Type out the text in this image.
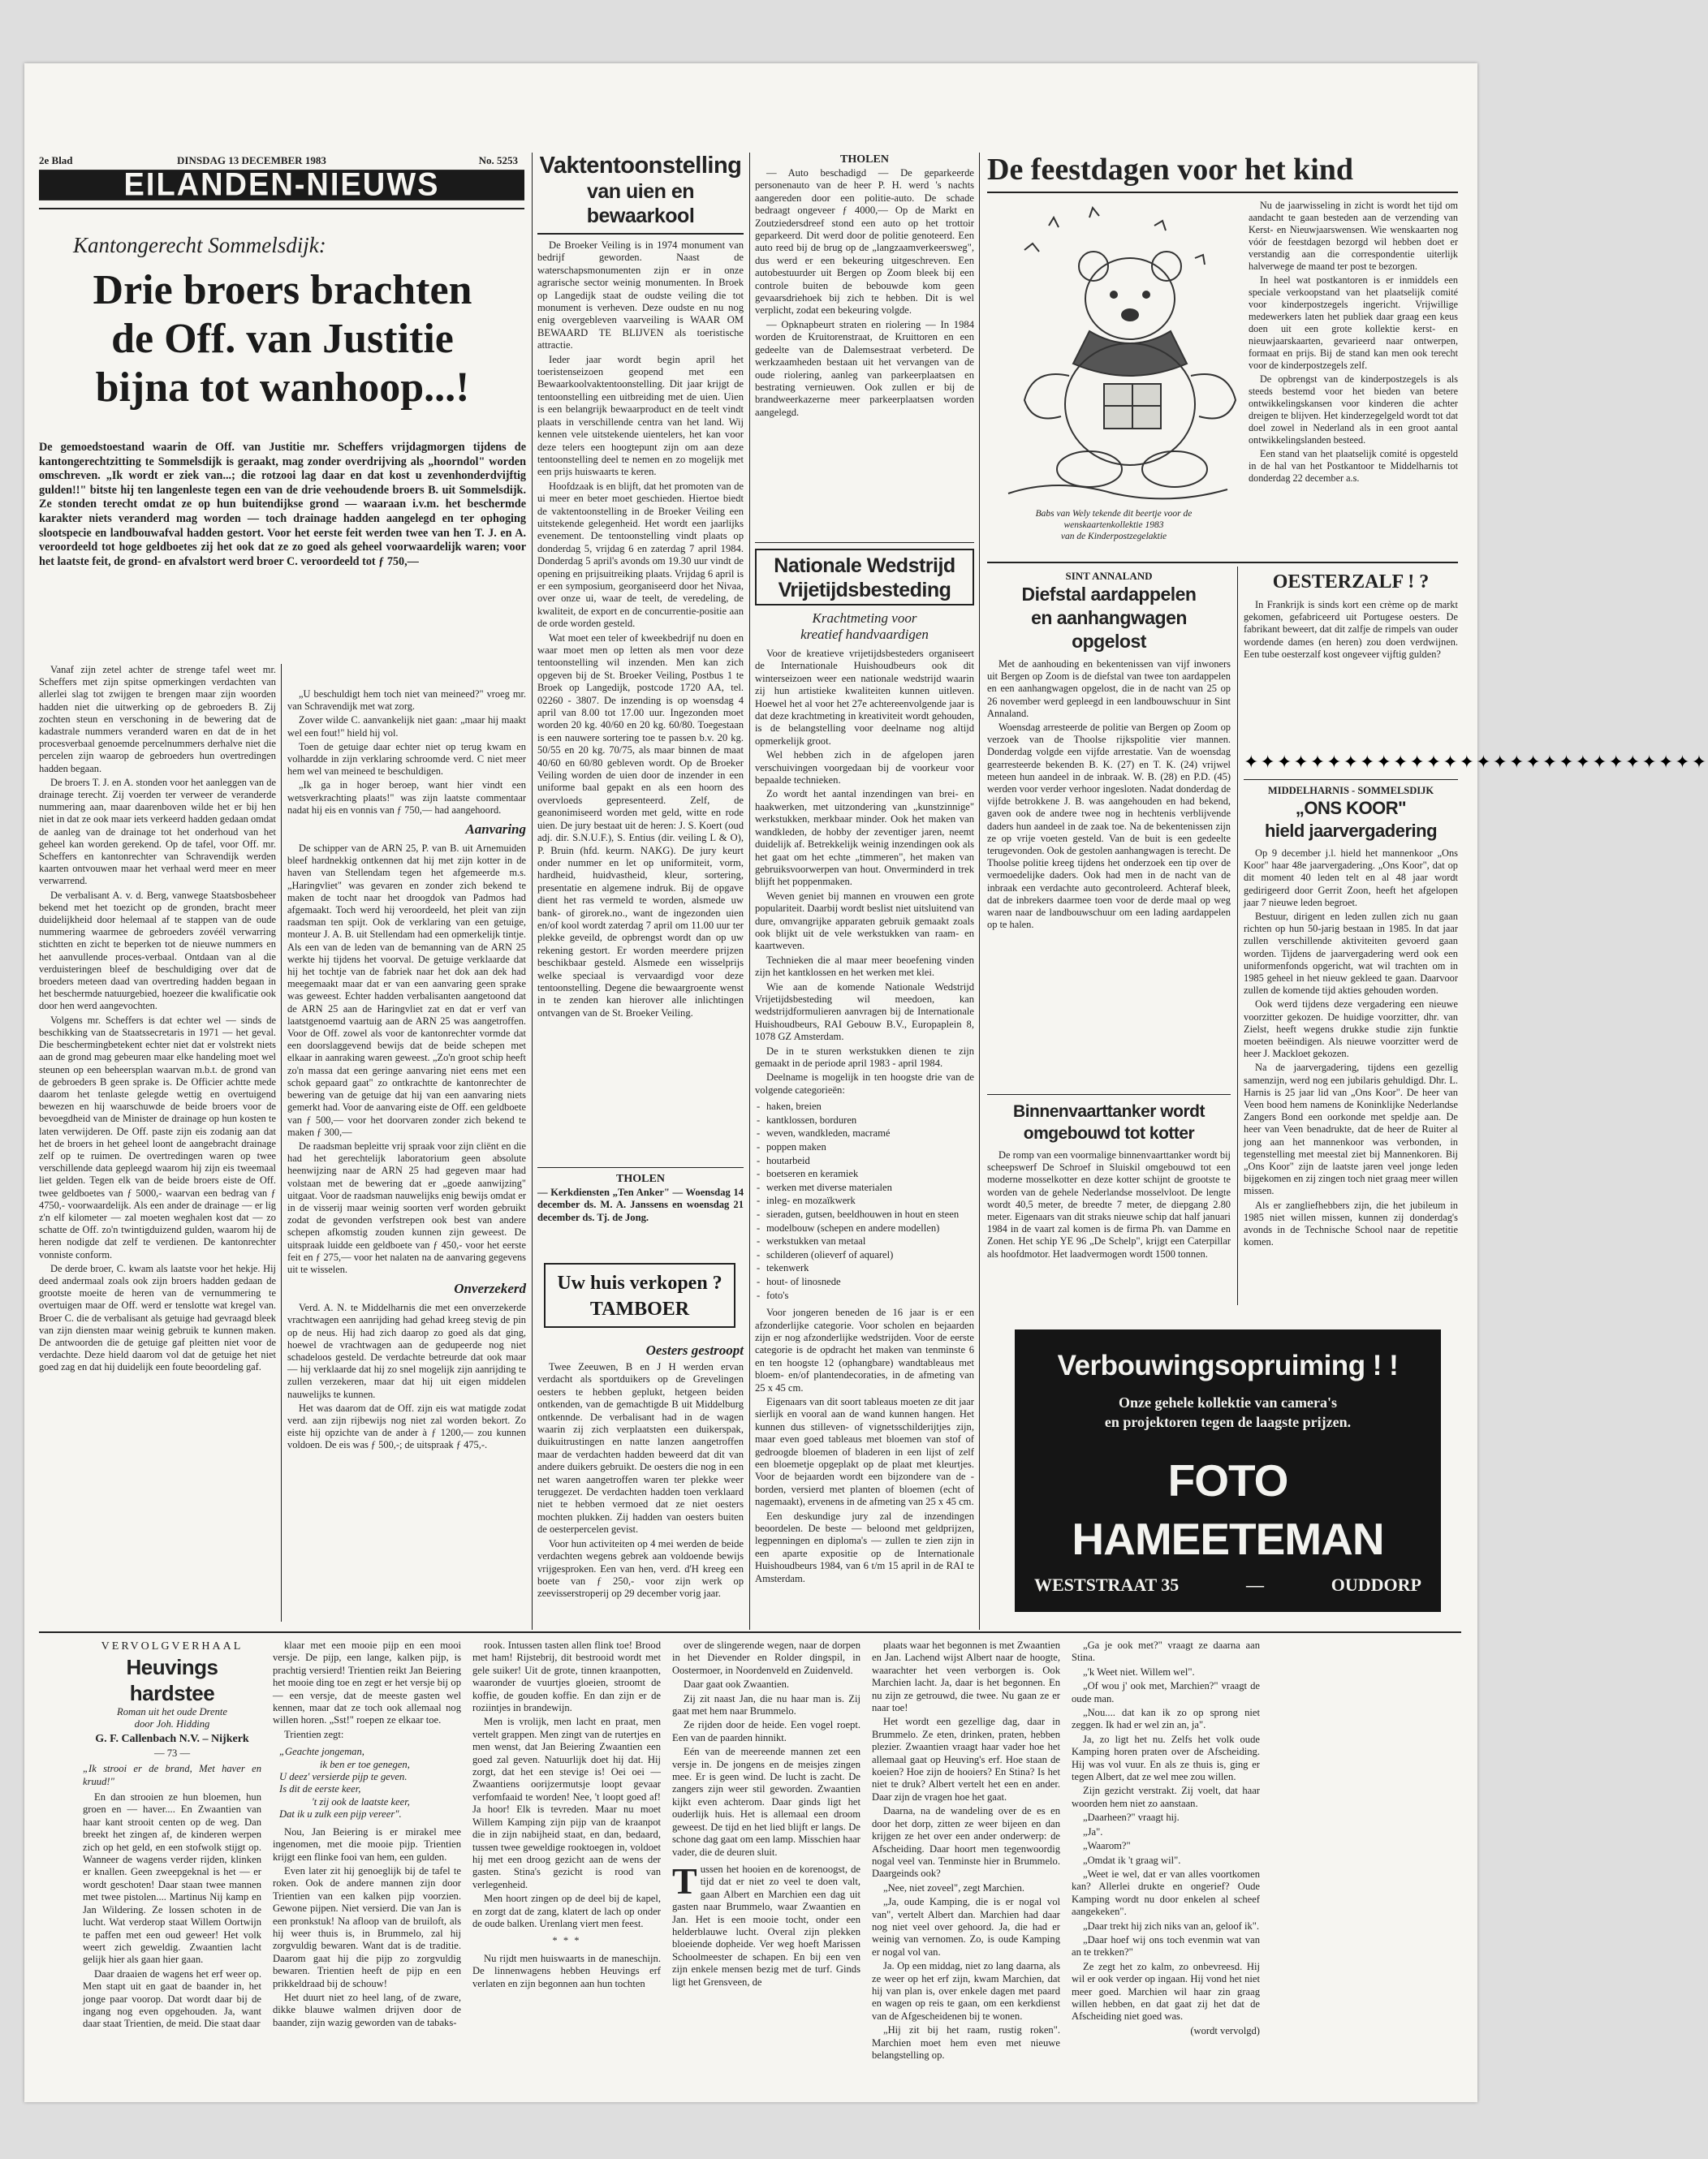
2e Blad	DINSDAG 13 DECEMBER 1983	No. 5253
EILANDEN-NIEUWS
Kantongerecht Sommelsdijk:
Drie broers brachten
de Off. van Justitie
bijna tot wanhoop...!
De gemoedstoestand waarin de Off. van Justitie mr. Scheffers vrijdagmorgen tijdens de kantongerechtzitting te Sommelsdijk is geraakt, mag zonder overdrijving als „hoorndol" worden omschreven. „Ik wordt er ziek van...; die rotzooi lag daar en dat kost u zevenhonderdvijftig gulden!!" bitste hij ten langenleste tegen een van de drie veehoudende broers B. uit Sommelsdijk. Ze stonden terecht omdat ze op hun buitendijkse grond — waaraan i.v.m. het beschermde karakter niets veranderd mag worden — toch drainage hadden aangelegd en ter ophoging slootspecie en landbouwafval hadden gestort. Voor het eerste feit werden twee van hen T. J. en A. veroordeeld tot hoge geldboetes zij het ook dat ze zo goed als geheel voorwaardelijk waren; voor het laatste feit, de grond- en afvalstort werd broer C. veroordeeld tot ƒ 750,—

Vanaf zijn zetel achter de strenge tafel weet mr. Scheffers met zijn spitse opmerkingen verdachten van allerlei slag tot zwijgen te brengen maar zijn woorden hadden niet die uitwerking op de gebroeders B. Zij zochten steun en verschoning in de bewering dat de kadastrale nummers veranderd waren en dat de in het procesverbaal genoemde percelnummers derhalve niet die percelen zijn waarop de gebroeders hun overtredingen hadden begaan.

De broers T. J. en A. stonden voor het aanleggen van de drainage terecht. Zij voerden ter verweer de veranderde nummering aan, maar daarenboven wilde het er bij hen niet in dat ze ook maar iets verkeerd hadden gedaan omdat de aanleg van de drainage tot het onderhoud van het geheel kan worden gerekend. Op de tafel, voor Off. mr. Scheffers en kantonrechter van Schravendijk werden kaarten ontvouwen maar het verhaal werd meer en meer verwarrend.

De verbalisant A. v. d. Berg, vanwege Staatsbosbeheer bekend met het toezicht op de gronden, bracht meer duidelijkheid door helemaal af te stappen van de oude nummering waarmee de gebroeders zovéél verwarring stichtten en zicht te beperken tot de nieuwe nummers en het aanvullende proces-verbaal. Ontdaan van al die verduisteringen bleef de beschuldiging over dat de broeders meteen daad van overtreding hadden begaan in het beschermde natuurgebied, hoezeer die kwalificatie ook door hen werd aangevochten.

Volgens mr. Scheffers is dat echter wel — sinds de beschikking van de Staatssecretaris in 1971 — het geval. Die beschermingbetekent echter niet dat er volstrekt niets aan de grond mag gebeuren maar elke handeling moet wel steunen op een beheersplan waarvan m.b.t. de grond van de gebroeders B geen sprake is. De Officier achtte mede daarom het tenlaste gelegde wettig en overtuigend bewezen en hij waarschuwde de beide broers voor de bevoegdheid van de Minister de drainage op hun kosten te laten verwijderen. De Off. paste zijn eis zodanig aan dat het de broers in het geheel loont de aangebracht drainage zelf op te ruimen. De overtredingen waren op twee verschillende data gepleegd waarom hij zijn eis tweemaal liet gelden. Tegen elk van de beide broers eiste de Off. twee geldboetes van ƒ 5000,- waarvan een bedrag van ƒ 4750,- voorwaardelijk. Als een ander de drainage — er lig z'n elf kilometer — zal moeten weghalen kost dat — zo schatte de Off. zo'n twintigduizend gulden, waarom hij de heren nodigde dat zelf te verdienen. De kantonrechter vonniste conform.

De derde broer, C. kwam als laatste voor het hekje. Hij deed andermaal zoals ook zijn broers hadden gedaan de grootste moeite de heren van de vernummering te overtuigen maar de Off. werd er tenslotte wat kregel van. Broer C. die de verbalisant als getuige had gevraagd bleek van zijn diensten maar weinig gebruik te kunnen maken. De antwoorden die de getuige gaf pleitten niet voor de verdachte. Deze hield daarom vol dat de getuige het niet goed zag en dat hij duidelijk een foute beoordeling gaf.

„U beschuldigt hem toch niet van meineed?" vroeg mr. van Schravendijk met wat zorg.

Zover wilde C. aanvankelijk niet gaan: „maar hij maakt wel een fout!" hield hij vol.

Toen de getuige daar echter niet op terug kwam en volhardde in zijn verklaring schroomde verd. C niet meer hem wel van meineed te beschuldigen.

„Ik ga in hoger beroep, want hier vindt een wetsverkrachting plaats!" was zijn laatste commentaar nadat hij eis en vonnis van ƒ 750,— had aangehoord.

Aanvaring

De schipper van de ARN 25, P. van B. uit Arnemuiden bleef hardnekkig ontkennen dat hij met zijn kotter in de haven van Stellendam tegen het afgemeerde m.s. „Haringvliet" was gevaren en zonder zich bekend te maken de tocht naar het droogdok van Padmos had afgemaakt. Toch werd hij veroordeeld, het pleit van zijn raadsman ten spijt. Ook de verklaring van een getuige, monteur J. A. B. uit Stellendam had een opmerkelijk tintje. Als een van de leden van de bemanning van de ARN 25 werkte hij tijdens het voorval. De getuige verklaarde dat hij het tochtje van de fabriek naar het dok aan dek had meegemaakt maar dat er van een aanvaring geen sprake was geweest. Echter hadden verbalisanten aangetoond dat de ARN 25 aan de Haringvliet zat en dat er verf van laatstgenoemd vaartuig aan de ARN 25 was aangetroffen. Voor de Off. zowel als voor de kantonrechter vormde dat een doorslaggevend bewijs dat de beide schepen met elkaar in aanraking waren geweest. „Zo'n groot schip heeft zo'n massa dat een geringe aanvaring niet eens met een schok gepaard gaat" zo ontkrachtte de kantonrechter de bewering van de getuige dat hij van een aanvaring niets gemerkt had. Voor de aanvaring eiste de Off. een geldboete van ƒ 500,— voor het doorvaren zonder zich bekend te maken ƒ 300,—

De raadsman bepleitte vrij spraak voor zijn cliënt en die had het gerechtelijk laboratorium geen absolute heenwijzing naar de ARN 25 had gegeven maar had volstaan met de bewering dat er „goede aanwijzing" uitgaat. Voor de raadsman nauwelijks enig bewijs omdat er in de visserij maar weinig soorten verf worden gebruikt zodat de gevonden verfstrepen ook best van andere schepen afkomstig zouden kunnen zijn geweest. De uitspraak luidde een geldboete van ƒ 450,- voor het eerste feit en ƒ 275,— voor het nalaten na de aanvaring gegevens uit te wisselen.

Onverzekerd

Verd. A. N. te Middelharnis die met een onverzekerde vrachtwagen een aanrijding had gehad kreeg stevig de pin op de neus. Hij had zich daarop zo goed als dat ging, hoewel de vrachtwagen aan de gedupeerde nog niet schadeloos gesteld. De verdachte betreurde dat ook maar — hij verklaarde dat hij zo snel mogelijk zijn aanrijding te zullen verzekeren, maar dat hij uit eigen middelen nauwelijks te kunnen.

Het was daarom dat de Off. zijn eis wat matigde zodat verd. aan zijn rijbewijs nog niet zal worden bekort. Zo eiste hij opzichte van de ander à ƒ 1200,— zou kunnen voldoen. De eis was ƒ 500,-; de uitspraak ƒ 475,-.

Vaktentoonstelling
van uien en bewaarkool

De Broeker Veiling is in 1974 monument van bedrijf geworden. Naast de waterschapsmonumenten zijn er in onze agrarische sector weinig monumenten. In Broek op Langedijk staat de oudste veiling die tot monument is verheven. Deze oudste en nu nog enig overgebleven vaarveiling is WAAR OM BEWAARD TE BLIJVEN als toeristische attractie.

Ieder jaar wordt begin april het toeristenseizoen geopend met een Bewaarkoolvaktentoonstelling. Dit jaar krijgt de tentoonstelling een uitbreiding met de uien. Uien is een belangrijk bewaarproduct en de teelt vindt plaats in verschillende centra van het land. Wij kennen vele uitstekende uientelers, het kan voor deze telers een hoogtepunt zijn om aan deze tentoonstelling deel te nemen en zo mogelijk met een prijs huiswaarts te keren.

Hoofdzaak is en blijft, dat het promoten van de ui meer en beter moet geschieden. Hiertoe biedt de vaktentoonstelling in de Broeker Veiling een uitstekende gelegenheid. Het wordt een jaarlijks evenement. De tentoonstelling vindt plaats op donderdag 5, vrijdag 6 en zaterdag 7 april 1984. Donderdag 5 april's avonds om 19.30 uur vindt de opening en prijsuitreiking plaats. Vrijdag 6 april is er een symposium, georganiseerd door het Nivaa, over onze ui, waar de teelt, de veredeling, de kwaliteit, de export en de concurrentie-positie aan de orde worden gesteld.

Wat moet een teler of kweekbedrijf nu doen en waar moet men op letten als men voor deze tentoonstelling wil inzenden. Men kan zich opgeven bij de St. Broeker Veiling, Postbus 1 te Broek op Langedijk, postcode 1720 AA, tel. 02260 - 3807. De inzending is op woensdag 4 april van 8.00 tot 17.00 uur. Ingezonden moet worden 20 kg. 40/60 en 20 kg. 60/80. Toegestaan is een nauwere sortering toe te passen b.v. 20 kg. 50/55 en 20 kg. 70/75, als maar binnen de maat 40/60 en 60/80 gebleven wordt. Op de Broeker Veiling worden de uien door de inzender in een uniforme baal gepakt en als een hoorn des overvloeds gepresenteerd. Zelf, de geanonimiseerd worden met geld, witte en rode uien. De jury bestaat uit de heren: J. S. Koert (oud adj. dir. S.N.U.F.), S. Entius (dir. veiling L & O), P. Bruin (hfd. keurm. NAKG). De jury keurt onder nummer en let op uniformiteit, vorm, hardheid, huidvastheid, kleur, sortering, presentatie en algemene indruk. Bij de opgave dient het ras vermeld te worden, alsmede uw bank- of girorek.no., want de ingezonden uien en/of kool wordt zaterdag 7 april om 11.00 uur ter plekke geveild, de opbrengst wordt dan op uw rekening gestort. Er worden meerdere prijzen beschikbaar gesteld. Alsmede een wisselprijs welke speciaal is vervaardigd voor deze tentoonstelling. Degene die bewaargroente wenst in te zenden kan hierover alle inlichtingen ontvangen van de St. Broeker Veiling.

THOLEN
— Kerkdiensten „Ten Anker" — Woensdag 14 december ds. M. A. Janssens en woensdag 21 december ds. Tj. de Jong.
Uw huis verkopen ?
TAMBOER
Oesters gestroopt

Twee Zeeuwen, B en J H werden ervan verdacht als sportduikers op de Grevelingen oesters te hebben geplukt, hetgeen beiden ontkenden, van de gemachtigde B uit Middelburg ontkennde. De verbalisant had in de wagen waarin zij zich verplaatsten een duikerspak, duikuitrustingen en natte lanzen aangetroffen maar de verdachten hadden beweerd dat dit van andere duikers gebruikt. De oesters die nog in een net waren aangetroffen waren ter plekke weer teruggezet. De verdachten hadden toen verklaard niet te hebben vermoed dat ze niet oesters mochten plukken. Zij hadden van oesters buiten de oesterpercelen gevist.

Voor hun activiteiten op 4 mei werden de beide verdachten wegens gebrek aan voldoende bewijs vrijgesproken. Een van hen, verd. d'H kreeg een boete van ƒ 250,- voor zijn werk op zeevisserstroperij op 29 december vorig jaar.

THOLEN

— Auto beschadigd — De geparkeerde personenauto van de heer P. H. werd 's nachts aangereden door een politie-auto. De schade bedraagt ongeveer ƒ 4000,— Op de Markt en Zoutziedersdreef stond een auto op het trottoir geparkeerd. Dit werd door de politie genoteerd. Een auto reed bij de brug op de „langzaamverkeersweg", dus werd er een bekeuring uitgeschreven. Een autobestuurder uit Bergen op Zoom bleek bij een controle buiten de bebouwde kom geen gevaarsdriehoek bij zich te hebben. Dit is wel verplicht, zodat een bekeuring volgde.

— Opknapbeurt straten en riolering — In 1984 worden de Kruitorenstraat, de Kruittoren en een gedeelte van de Dalemsestraat verbeterd. De werkzaamheden bestaan uit het vervangen van de oude riolering, aanleg van parkeerplaatsen en bestrating vernieuwen. Ook zullen er bij de brandweerkazerne meer parkeerplaatsen worden aangelegd.

Nationale Wedstrijd
Vrijetijdsbesteding
Krachtmeting voor
kreatief handvaardigen

Voor de kreatieve vrijetijdsbesteders organiseert de Internationale Huishoudbeurs ook dit winterseizoen weer een nationale wedstrijd waarin zij hun artistieke kwaliteiten kunnen uitleven. Hoewel het al voor het 27e achtereenvolgende jaar is dat deze krachtmeting in kreativiteit wordt gehouden, is de belangstelling voor deelname nog altijd opmerkelijk groot.

Wel hebben zich in de afgelopen jaren verschuivingen voorgedaan bij de voorkeur voor bepaalde technieken.

Zo wordt het aantal inzendingen van brei- en haakwerken, met uitzondering van „kunstzinnige" werkstukken, merkbaar minder. Ook het maken van wandkleden, de hobby der zeventiger jaren, neemt duidelijk af. Betrekkelijk weinig inzendingen ook als het gaat om het echte „timmeren", het maken van gebruiksvoorwerpen van hout. Onverminderd in trek blijft het poppenmaken.

Weven geniet bij mannen en vrouwen een grote populariteit. Daarbij wordt beslist niet uitsluitend van dure, omvangrijke apparaten gebruik gemaakt zoals ook blijkt uit de vele werkstukken van raam- en kaartweven.

Technieken die al maar meer beoefening vinden zijn het kantklossen en het werken met klei.

Wie aan de komende Nationale Wedstrijd Vrijetijdsbesteding wil meedoen, kan wedstrijdformulieren aanvragen bij de Internationale Huishoudbeurs, RAI Gebouw B.V., Europaplein 8, 1078 GZ Amsterdam.

De in te sturen werkstukken dienen te zijn gemaakt in de periode april 1983 - april 1984.

Deelname is mogelijk in ten hoogste drie van de volgende categorieën:

- haken, breien
- kantklossen, borduren
- weven, wandkleden, macramé
- poppen maken
- houtarbeid
- boetseren en keramiek
- werken met diverse materialen
- inleg- en mozaïkwerk
- sieraden, gutsen, beeldhouwen in hout en steen
- modelbouw (schepen en andere modellen)
- werkstukken van metaal
- schilderen (olieverf of aquarel)
- tekenwerk
- hout- of linosnede
- foto's

Voor jongeren beneden de 16 jaar is er een afzonderlijke categorie. Voor scholen en bejaarden zijn er nog afzonderlijke wedstrijden. Voor de eerste categorie is de opdracht het maken van tenminste 6 en ten hoogste 12 (ophangbare) wandtableaus met bloem- en/of plantendecoraties, in de afmeting van 25 x 45 cm.

Eigenaars van dit soort tableaus moeten ze dit jaar sierlijk en vooral aan de wand kunnen hangen. Het kunnen dus stilleven- of vignetsschilderijtjes zijn, maar even goed tableaus met bloemen van stof of gedroogde bloemen of bladeren in een lijst of zelf een bloemetje opgeplakt op de plaat met kleurtjes. Voor de bejaarden wordt een bijzondere van de -borden, versierd met planten of bloemen (echt of nagemaakt), ervenens in de afmeting van 25 x 45 cm.

Een deskundige jury zal de inzendingen beoordelen. De beste — beloond met geldprijzen, legpenningen en diploma's — zullen te zien zijn in een aparte expositie op de Internationale Huishoudbeurs 1984, van 6 t/m 15 april in de RAI te Amsterdam.

De feestdagen voor het kind
Babs van Wely tekende dit beertje voor de
wenskaartenkollektie 1983
van de Kinderpostzegelaktie

Nu de jaarwisseling in zicht is wordt het tijd om aandacht te gaan besteden aan de verzending van Kerst- en Nieuwjaarswensen. Wie wenskaarten nog vóór de feestdagen bezorgd wil hebben doet er verstandig aan die correspondentie uiterlijk halverwege de maand ter post te bezorgen.

In heel wat postkantoren is er inmiddels een speciale verkoopstand van het plaatselijk comité voor kinderpostzegels ingericht. Vrijwillige medewerkers laten het publiek daar graag een keus doen uit een grote kollektie kerst- en nieuwjaarskaarten, gevarieerd naar ontwerpen, formaat en prijs. Bij de stand kan men ook terecht voor de kinderpostzegels zelf.

De opbrengst van de kinderpostzegels is als steeds bestemd voor het bieden van betere ontwikkelingskansen voor kinderen die achter dreigen te blijven. Het kinderzegelgeld wordt tot dat doel zowel in Nederland als in een groot aantal ontwikkelingslanden besteed.

Een stand van het plaatselijk comité is opgesteld in de hal van het Postkantoor te Middelharnis tot donderdag 22 december a.s.

SINT ANNALAND
Diefstal aardappelen
en aanhangwagen
opgelost

Met de aanhouding en bekentenissen van vijf inwoners uit Bergen op Zoom is de diefstal van twee ton aardappelen en een aanhangwagen opgelost, die in de nacht van 25 op 26 november werd gepleegd in een landbouwschuur in Sint Annaland.

Woensdag arresteerde de politie van Bergen op Zoom op verzoek van de Thoolse rijkspolitie vier mannen. Donderdag volgde een vijfde arrestatie. Van de woensdag gearresteerde bekenden B. K. (27) en T. K. (24) vrijwel meteen hun aandeel in de inbraak. W. B. (28) en P.D. (45) werden voor verder verhoor ingesloten. Nadat donderdag de vijfde betrokkene J. B. was aangehouden en had bekend, gaven ook de andere twee nog in hechtenis verblijvende daders hun aandeel in de zaak toe. Na de bekentenissen zijn ze op vrije voeten gesteld. Van de buit is een gedeelte terugevonden. Ook de gestolen aanhangwagen is terecht. De Thoolse politie kreeg tijdens het onderzoek een tip over de vermoedelijke daders. Ook had men in de nacht van de inbraak een verdachte auto gecontroleerd. Achteraf bleek, dat de inbrekers daarmee toen voor de derde maal op weg waren naar de landbouwschuur om een lading aardappelen op te halen.

Binnenvaarttanker wordt
omgebouwd tot kotter

De romp van een voormalige binnenvaarttanker wordt bij scheepswerf De Schroef in Sluiskil omgebouwd tot een moderne mosselkotter en deze kotter schijnt de grootste te worden van de gehele Nederlandse mosselvloot. De lengte wordt 40,5 meter, de breedte 7 meter, de diepgang 2.80 meter. Eigenaars van dit straks nieuwe schip dat half januari 1984 in de vaart zal komen is de firma Ph. van Damme en Zonen. Het schip YE 96 „De Schelp", krijgt een Caterpillar als hoofdmotor. Het laadvermogen wordt 1500 tonnen.

OESTERZALF ! ?

In Frankrijk is sinds kort een crème op de markt gekomen, gefabriceerd uit Portugese oesters. De fabrikant beweert, dat dit zalfje de rimpels van ouder wordende dames (en heren) zou doen verdwijnen. Een tube oesterzalf kost ongeveer vijftig gulden?

✦✦✦✦✦✦✦✦✦✦✦✦✦✦✦✦✦✦✦✦✦✦✦✦✦✦✦✦
MIDDELHARNIS - SOMMELSDIJK
„ONS KOOR"
hield jaarvergadering

Op 9 december j.l. hield het mannenkoor „Ons Koor" haar 48e jaarvergadering. „Ons Koor", dat op dit moment 40 leden telt en al 48 jaar wordt gedirigeerd door Gerrit Zoon, heeft het afgelopen jaar 7 nieuwe leden begroet.

Bestuur, dirigent en leden zullen zich nu gaan richten op hun 50-jarig bestaan in 1985. In dat jaar zullen verschillende aktiviteiten gevoerd gaan worden. Tijdens de jaarvergadering werd ook een uniformenfonds opgericht, wat wil trachten om in 1985 geheel in het nieuw gekleed te gaan. Daarvoor zullen de komende tijd akties gehouden worden.

Ook werd tijdens deze vergadering een nieuwe voorzitter gekozen. De huidige voorzitter, dhr. van Zielst, heeft wegens drukke studie zijn funktie moeten beëindigen. Als nieuwe voorzitter werd de heer J. Mackloet gekozen.

Na de jaarvergadering, tijdens een gezellig samenzijn, werd nog een jubilaris gehuldigd. Dhr. L. Harnis is 25 jaar lid van „Ons Koor". De heer van Veen bood hem namens de Koninklijke Nederlandse Zangers Bond een oorkonde met speldje aan. De heer van Veen benadrukte, dat de heer de Ruiter al jong aan het mannenkoor was verbonden, in tegenstelling met meestal ziet bij Mannenkoren. Bij „Ons Koor" zijn de laatste jaren veel jonge leden bijgekomen en zij zingen toch niet graag meer willen missen.

Als er zangliefhebbers zijn, die het jubileum in 1985 niet willen missen, kunnen zij donderdag's avonds in de Technische School naar de repetitie komen.

Verbouwingsopruiming ! !
Onze gehele kollektie van camera's
en projektoren tegen de laagste prijzen.
FOTO HAMEETEMAN
WESTSTRAAT 35	—	OUDDORP
VERVOLGVERHAAL
Heuvings hardstee
Roman uit het oude Drente
door Joh. Hidding
G. F. Callenbach N.V. – Nijkerk
— 73 —
„Ik strooi er de brand, Met haver en kruud!"

En dan strooien ze hun bloemen, hun groen en — haver.... En Zwaantien van haar kant strooit centen op de weg. Dan breekt het zingen af, de kinderen werpen zich op het geld, en een stofwolk stijgt op. Wanneer de wagens verder rijden, klinken er knallen. Geen zweepgeknal is het — er wordt geschoten! Daar staan twee mannen met twee pistolen.... Martinus Nij kamp en Jan Wildering. Ze lossen schoten in de lucht. Wat verderop staat Willem Oortwijn te paffen met een oud geweer! Het volk weert zich geweldig. Zwaantien lacht gelijk hier als gaan hier gaan.

Daar draaien de wagens het erf weer op. Men stapt uit en gaat de baander in, het jonge paar voorop. Dat wordt daar bij de ingang nog even opgehouden. Ja, want daar staat Trientien, de meid. Die staat daar

klaar met een mooie pijp en een mooi versje. De pijp, een lange, kalken pijp, is prachtig versierd! Trientien reikt Jan Beiering het mooie ding toe en zegt er het versje bij op — een versje, dat de meeste gasten wel kennen, maar dat ze toch ook allemaal nog willen horen. „Sst!" roepen ze elkaar toe.

Trientien zegt:

„Geachte jongeman,
ik ben er toe genegen,
U deez' versierde pijp te geven.
Is dit de eerste keer,
't zij ook de laatste keer,
Dat ik u zulk een pijp vereer".

Nou, Jan Beiering is er mirakel mee ingenomen, met die mooie pijp. Trientien krijgt een flinke fooi van hem, een gulden.

Even later zit hij genoeglijk bij de tafel te roken. Ook de andere mannen zijn door Trientien van een kalken pijp voorzien. Gewone pijpen. Niet versierd. Die van Jan is een pronkstuk! Na afloop van de bruiloft, als hij weer thuis is, in Brummelo, zal hij zorgvuldig bewaren. Want dat is de traditie. Daarom gaat hij die pijp zo zorgvuldig bewaren. Trientien heeft de pijp en een prikkeldraad bij de schouw!

Het duurt niet zo heel lang, of de zware, dikke blauwe walmen drijven door de baander, zijn wazig geworden van de tabaks-

rook. Intussen tasten allen flink toe! Brood met ham! Rijstebrij, dit bestrooid wordt met gele suiker! Uit de grote, tinnen kraanpotten, waaronder de vuurtjes gloeien, stroomt de koffie, de gouden koffie. En dan zijn er de roziintjes in brandewijn.

Men is vrolijk, men lacht en praat, men vertelt grappen. Men zingt van de rutertjes en men wenst, dat Jan Beiering Zwaantien een goed zal geven. Natuurlijk doet hij dat. Hij zorgt, dat het een stevige is! Oei oei — Zwaantiens oorijzermutsje loopt gevaar verfomfaaid te worden! Nee, 't loopt goed af! Ja hoor! Elk is tevreden. Maar nu moet Willem Kamping zijn pijp van de kraanpot die in zijn nabijheid staat, en dan, bedaard, tussen twee geweldige rooktoegen in, voldoet hij met een droog gezicht aan de wens der gasten. Stina's gezicht is rood van verlegenheid.

Men hoort zingen op de deel bij de kapel, en zorgt dat de zang, klatert de lach op onder de oude balken. Urenlang viert men feest.

* * *

Nu rijdt men huiswaarts in de maneschijn. De linnenwagens hebben Heuvings erf verlaten en zijn begonnen aan hun tochten

over de slingerende wegen, naar de dorpen in het Dievender en Rolder dingspil, in Oostermoer, in Noordenveld en Zuidenveld.

Daar gaat ook Zwaantien.

Zij zit naast Jan, die nu haar man is. Zij gaat met hem naar Brummelo.

Ze rijden door de heide. Een vogel roept. Een van de paarden hinnikt.

Eén van de meereende mannen zet een versje in. De jongens en de meisjes zingen mee. Er is geen wind. De lucht is zacht. De zangers zijn weer stil geworden. Zwaantien kijkt even achterom. Daar ginds ligt het ouderlijk huis. Het is allemaal een droom geweest. De tijd en het lied blijft er langs. De schone dag gaat om een lamp. Misschien haar vader, die de deuren sluit.

T ussen het hooien en de korenoogst, de tijd dat er niet zo veel te doen valt, gaan Albert en Marchien een dag uit gasten naar Brummelo, waar Zwaantien en Jan. Het is een mooie tocht, onder een helderblauwe lucht. Overal zijn plekken bloeiende dopheide. Ver weg hoeft Marissen Schoolmeester de schapen. En bij een ven zijn enkele mensen bezig met de turf. Ginds ligt het Grensveen, de

plaats waar het begonnen is met Zwaantien en Jan. Lachend wijst Albert naar de hoogte, waarachter het veen verborgen is. Ook Marchien lacht. Ja, daar is het begonnen. En nu zijn ze getrouwd, die twee. Nu gaan ze er naar toe!

Het wordt een gezellige dag, daar in Brummelo. Ze eten, drinken, praten, hebben plezier. Zwaantien vraagt haar vader hoe het allemaal gaat op Heuving's erf. Hoe staan de koeien? Hoe zijn de hooiers? En Stina? Is het niet te druk? Albert vertelt het een en ander. Daar zijn de vragen hoe het gaat.

Daarna, na de wandeling over de es en door het dorp, zitten ze weer bijeen en dan krijgen ze het over een ander onderwerp: de Afscheiding. Daar hoort men tegenwoordig nogal veel van. Tenminste hier in Brummelo. Daargeinds ook?

„Nee, niet zoveel", zegt Marchien.

„Ja, oude Kamping, die is er nogal vol van", vertelt Albert dan. Marchien had daar nog niet veel over gehoord. Ja, die had er weinig van vernomen. Zo, is oude Kamping er nogal vol van.

Ja. Op een middag, niet zo lang daarna, als ze weer op het erf zijn, kwam Marchien, dat hij van plan is, over enkele dagen met paard en wagen op reis te gaan, om een kerkdienst van de Afgescheidenen bij te wonen.

„Hij zit bij het raam, rustig roken". Marchien moet hem even met nieuwe belangstelling op.

„Ga je ook met?" vraagt ze daarna aan Stina.

„'k Weet niet. Willem wel".

„Of wou j' ook met, Marchien?" vraagt de oude man.

„Nou.... dat kan ik zo op sprong niet zeggen. Ik had er wel zin an, ja".

Ja, zo ligt het nu. Zelfs het volk oude Kamping horen praten over de Afscheiding. Hij was vol vuur. En als ze thuis is, ging er tegen Albert, dat ze wel mee zou willen.

Zijn gezicht verstrakt. Zij voelt, dat haar woorden hem niet zo aanstaan.

„Daarheen?" vraagt hij.

„Ja".

„Waarom?"

„Omdat ik 't graag wil".

„Weet ie wel, dat er van alles voortkomen kan? Allerlei drukte en ongerief? Oude Kamping wordt nu door enkelen al scheef aangekeken".

„Daar trekt hij zich niks van an, geloof ik".

„Daar hoef wij ons toch evenmin wat van an te trekken?"

Ze zegt het zo kalm, zo onbevreesd. Hij wil er ook verder op ingaan. Hij vond het niet meer goed. Marchien wil haar zin graag willen hebben, en dat gaat zij het dat de Afscheiding niet goed was.

(wordt vervolgd)
